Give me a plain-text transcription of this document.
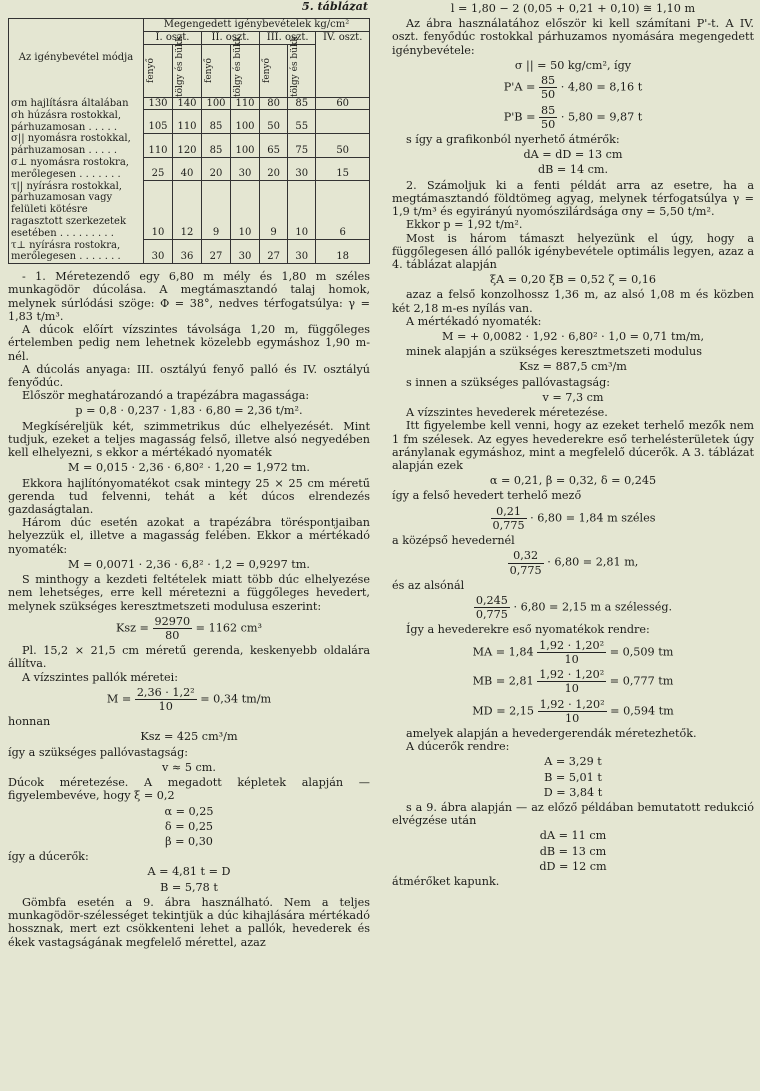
5. táblázat
Az igénybevétel módja	Megengedett igénybevételek kg/cm²						
	I. oszt.		II. oszt.		III. oszt.		IV. oszt.

	fenyő	tölgy és bükk	fenyő	tölgy és bükk	fenyő	tölgy és bükk	

σm hajlításra általában	130	140	100	110	80	85	60
σh húzásra rostokkal, párhuzamosan . . . . .	105	110	85	100	50	55	
σ|| nyomásra rostokkal, párhuzamosan . . . . .	110	120	85	100	65	75	50
σ⊥ nyomásra rostokra, merőlegesen . . . . . . .	25	40	20	30	20	30	15
τ|| nyírásra rostokkal, párhuzamosan vagy felületi kötésre ragasztott szerkezetek esetében . . . . . . . . .	10	12	9	10	9	10	6
τ⊥ nyírásra rostokra, merőlegesen . . . . . . .	30	36	27	30	27	30	18

- 1. Méretezendő egy 6,80 m mély és 1,80 m széles munkagödör dúcolása. A megtámasztandó talaj homok, melynek súrlódási szöge: Φ = 38°, nedves térfogatsúlya: γ = 1,83 t/m³.

A dúcok előírt vízszintes távolsága 1,20 m, függőleges értelemben pedig nem lehetnek közelebb egymáshoz 1,90 m-nél.

A dúcolás anyaga: III. osztályú fenyő palló és IV. osztályú fenyődúc.

Először meghatározandó a trapézábra magassága:

p = 0,8 · 0,237 · 1,83 · 6,80 = 2,36 t/m².

Megkíséreljük két, szimmetrikus dúc elhelyezését. Mint tudjuk, ezeket a teljes magasság felső, illetve alsó negyedében kell elhelyezni, s ekkor a mértékadó nyomaték

M = 0,015 · 2,36 · 6,80² · 1,20 = 1,972 tm.

Ekkora hajlítónyomatékot csak mintegy 25 × 25 cm méretű gerenda tud felvenni, tehát a két dúcos elrendezés gazdaságtalan.

Három dúc esetén azokat a trapézábra töréspontjaiban helyezzük el, illetve a magasság felében. Ekkor a mértékadó nyomaték:

M = 0,0071 · 2,36 · 6,8² · 1,2 = 0,9297 tm.

S minthogy a kezdeti feltételek miatt több dúc elhelyezése nem lehetséges, erre kell méretezni a függőleges hevedert, melynek szükséges keresztmetszeti modulusa eszerint:

Ksz = $\frac{92970}{80} = 1162$ cm³

Pl. 15,2 × 21,5 cm méretű gerenda, keskenyebb oldalára állítva.

A vízszintes pallók méretei:

$M = \frac{\text{2,36 · 1,2²}}{10} = 0,34$ tm/m

honnan

Ksz = 425 cm³/m

így a szükséges pallóvastagság:

v ≈ 5 cm.

Dúcok méretezése. A megadott képletek alapján — figyelembevéve, hogy ξ = 0,2

α = 0,25
δ = 0,25
β = 0,30

így a dúcerők:

A = 4,81 t = D
B = 5,78 t

Gömbfa esetén a 9. ábra használható. Nem a teljes munkagödör-szélességet tekintjük a dúc kihajlására mértékadó hossznak, mert ezt csökkenteni lehet a pallók, hevederek és ékek vastagságának megfelelő mérettel, azaz

l = 1,80 − 2 (0,05 + 0,21 + 0,10) ≅ 1,10 m

Az ábra használatához először ki kell számítani P'-t. A IV. oszt. fenyődúc rostokkal párhuzamos nyomására megengedett igénybevétele:

σ || = 50 kg/cm², így
$P'A = \frac{85}{50} \cdot 4,80 = 8,16$ t
$P'B = \frac{85}{50} \cdot 5,80 = 9,87$ t

s így a grafikonból nyerhető átmérők:

dA = dD = 13 cm
dB = 14 cm.

2. Számoljuk ki a fenti példát arra az esetre, ha a megtámasztandó földtömeg agyag, melynek térfogatsúlya γ = 1,9 t/m³ és egyirányú nyomószilárdsága σny = 5,50 t/m².

Ekkor p = 1,92 t/m².

Most is három támaszt helyezünk el úgy, hogy a függőlegesen álló pallók igénybevétele optimális legyen, azaz a 4. táblázat alapján

ξA = 0,20 ξB = 0,52 ζ = 0,16

azaz a felső konzolhossz 1,36 m, az alsó 1,08 m és közben két 2,18 m-es nyílás van.

A mértékadó nyomaték:

M = + 0,0082 · 1,92 · 6,80² · 1,0 = 0,71 tm/m,

minek alapján a szükséges keresztmetszeti modulus

Ksz = 887,5 cm³/m

s innen a szükséges pallóvastagság:

v = 7,3 cm

A vízszintes hevederek méretezése.

Itt figyelembe kell venni, hogy az ezeket terhelő mezők nem 1 fm szélesek. Az egyes hevederekre eső terhelésterületek úgy aránylanak egymáshoz, mint a megfelelő dúcerők. A 3. táblázat alapján ezek

α = 0,21, β = 0,32, δ = 0,245

így a felső hevedert terhelő mező

$\frac{0,21}{0,775} \cdot 6,80 = 1,84$ m széles

a középső hevedernél

$\frac{0,32}{0,775} \cdot 6,80 = 2,81$ m,

és az alsónál

$\frac{0,245}{0,775} \cdot 6,80 = 2,15$ m a szélesség.

Így a hevederekre eső nyomatékok rendre:

MA = $1,84 \frac{\text{1,92 · 1,20²}}{10} = 0,509$ tm
MB = $2,81 \frac{\text{1,92 · 1,20²}}{10} = 0,777$ tm
MD = $2,15 \frac{\text{1,92 · 1,20²}}{10} = 0,594$ tm

amelyek alapján a hevedergerendák méretezhetők.

A dúcerők rendre:

A = 3,29 t
B = 5,01 t
D = 3,84 t

s a 9. ábra alapján — az előző példában bemutatott redukció elvégzése után

dA = 11 cm
dB = 13 cm
dD = 12 cm

átmérőket kapunk.
